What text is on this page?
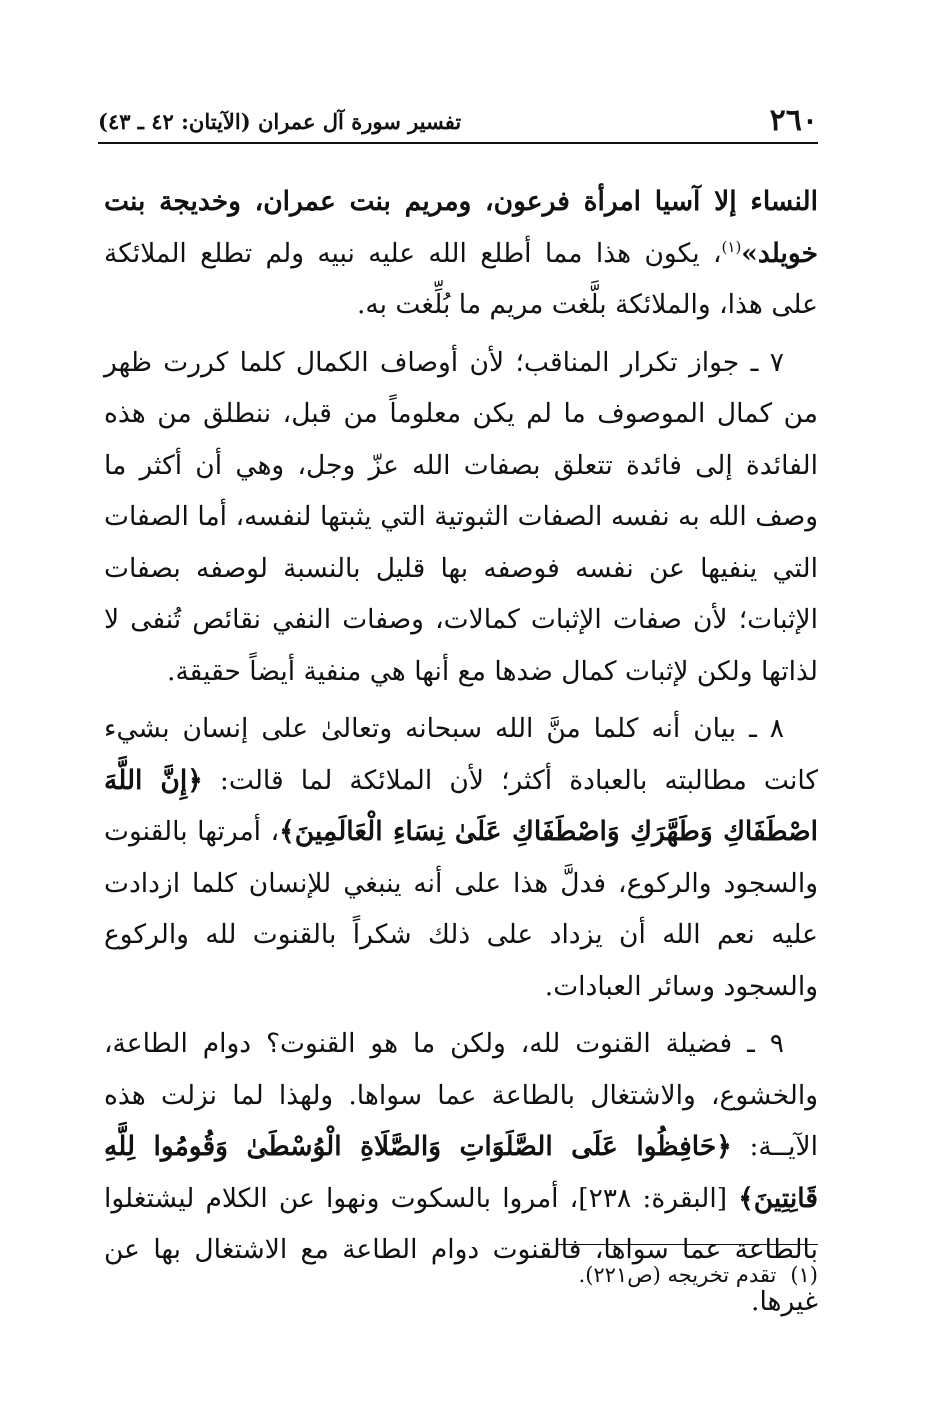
٢٦٠
تفسير سورة آل عمران (الآيتان: ٤٢ ـ ٤٣)

النساء إلا آسيا امرأة فرعون، ومريم بنت عمران، وخديجة بنت خويلد»$^{(١)}$، يكون هذا مما أطلع الله عليه نبيه ولم تطلع الملائكة على هذا، والملائكة بلَّغت مريم ما بُلِّغت به.

٧ ـ جواز تكرار المناقب؛ لأن أوصاف الكمال كلما كررت ظهر من كمال الموصوف ما لم يكن معلوماً من قبل، ننطلق من هذه الفائدة إلى فائدة تتعلق بصفات الله عزّ وجل، وهي أن أكثر ما وصف الله به نفسه الصفات الثبوتية التي يثبتها لنفسه، أما الصفات التي ينفيها عن نفسه فوصفه بها قليل بالنسبة لوصفه بصفات الإثبات؛ لأن صفات الإثبات كمالات، وصفات النفي نقائص تُنفى لا لذاتها ولكن لإثبات كمال ضدها مع أنها هي منفية أيضاً حقيقة.

٨ ـ بيان أنه كلما منَّ الله سبحانه وتعالىٰ على إنسان بشيء كانت مطالبته بالعبادة أكثر؛ لأن الملائكة لما قالت: ﴿إِنَّ اللَّهَ اصْطَفَاكِ وَطَهَّرَكِ وَاصْطَفَاكِ عَلَىٰ نِسَاءِ الْعَالَمِينَ﴾، أمرتها بالقنوت والسجود والركوع، فدلَّ هذا على أنه ينبغي للإنسان كلما ازدادت عليه نعم الله أن يزداد على ذلك شكراً بالقنوت لله والركوع والسجود وسائر العبادات.

٩ ـ فضيلة القنوت لله، ولكن ما هو القنوت؟ دوام الطاعة، والخشوع، والاشتغال بالطاعة عما سواها. ولهذا لما نزلت هذه الآيــة: ﴿حَافِظُوا عَلَى الصَّلَوَاتِ وَالصَّلَاةِ الْوُسْطَىٰ وَقُومُوا لِلَّهِ قَانِتِينَ﴾ [البقرة: ٢٣٨]، أمروا بالسكوت ونهوا عن الكلام ليشتغلوا بالطاعة عما سواها، فالقنوت دوام الطاعة مع الاشتغال بها عن غيرها.

(١)تقدم تخريجه (ص٢٢١).
